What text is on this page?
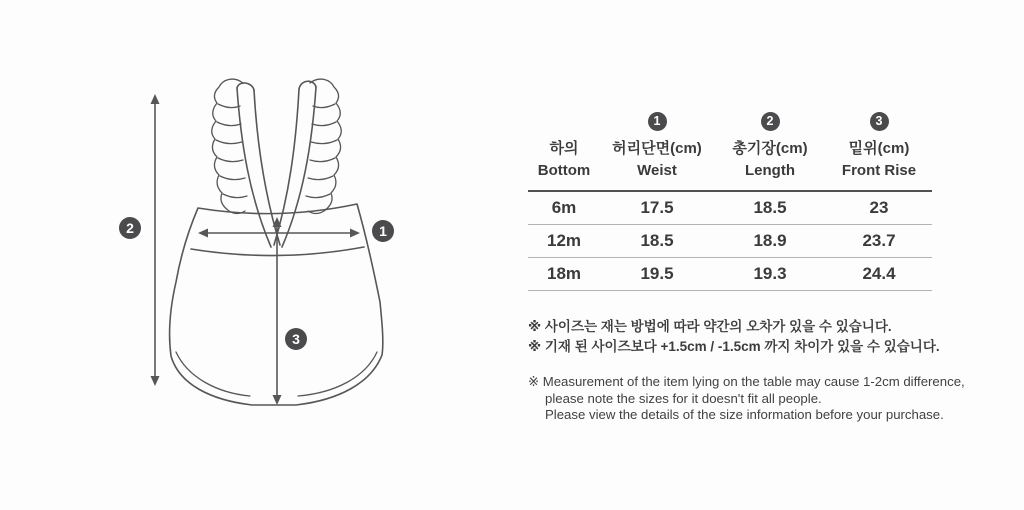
2	1
3
	1	2	3
하의	허리단면(cm)	총기장(cm)	밑위(cm)
Bottom	Weist	Length	Front Rise
6m	17.5	18.5	23
12m	18.5	18.9	23.7
18m	19.5	19.3	24.4
※ 사이즈는 재는 방법에 따라 약간의 오차가 있을 수 있습니다.
※ 기재 된 사이즈보다 +1.5cm / -1.5cm 까지 차이가 있을 수 있습니다.
※ Measurement of the item lying on the table may cause 1-2cm difference,
please note the sizes for it doesn't fit all people.
Please view the details of the size information before your purchase.
